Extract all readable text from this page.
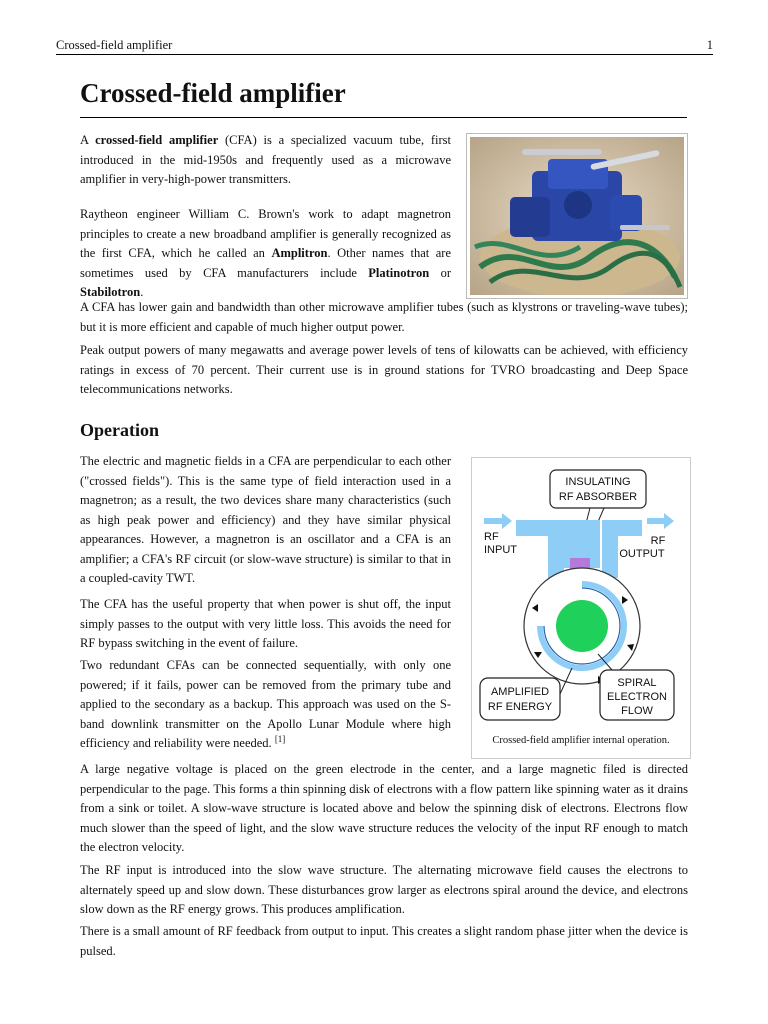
Crossed-field amplifier	1
Crossed-field amplifier

A crossed-field amplifier (CFA) is a specialized vacuum tube, first introduced in the mid-1950s and frequently used as a microwave amplifier in very-high-power transmitters.

Raytheon engineer William C. Brown's work to adapt magnetron principles to create a new broadband amplifier is generally recognized as the first CFA, which he called an Amplitron. Other names that are sometimes used by CFA manufacturers include Platinotron or Stabilotron.

A CFA has lower gain and bandwidth than other microwave amplifier tubes (such as klystrons or traveling-wave tubes); but it is more efficient and capable of much higher output power.

Peak output powers of many megawatts and average power levels of tens of kilowatts can be achieved, with efficiency ratings in excess of 70 percent. Their current use is in ground stations for TVRO broadcasting and Deep Space telecommunications networks.

Operation

The electric and magnetic fields in a CFA are perpendicular to each other ("crossed fields"). This is the same type of field interaction used in a magnetron; as a result, the two devices share many characteristics (such as high peak power and efficiency) and they have similar physical appearances. However, a magnetron is an oscillator and a CFA is an amplifier; a CFA's RF circuit (or slow-wave structure) is similar to that in a coupled-cavity TWT.

The CFA has the useful property that when power is shut off, the input simply passes to the output with very little loss. This avoids the need for RF bypass switching in the event of failure.

Two redundant CFAs can be connected sequentially, with only one powered; if it fails, power can be removed from the primary tube and applied to the secondary as a backup. This approach was used on the S-band downlink transmitter on the Apollo Lunar Module where high efficiency and reliability were needed. [1]

INSULATING
RF ABSORBER
RF
INPUT
RF
OUTPUT
AMPLIFIED
RF ENERGY
SPIRAL
ELECTRON
FLOW
Crossed-field amplifier internal operation.

A large negative voltage is placed on the green electrode in the center, and a large magnetic filed is directed perpendicular to the page. This forms a thin spinning disk of electrons with a flow pattern like spinning water as it drains from a sink or toilet. A slow-wave structure is located above and below the spinning disk of electrons. Electrons flow much slower than the speed of light, and the slow wave structure reduces the velocity of the input RF enough to match the electron velocity.

The RF input is introduced into the slow wave structure. The alternating microwave field causes the electrons to alternately speed up and slow down. These disturbances grow larger as electrons spiral around the device, and electrons slow down as the RF energy grows. This produces amplification.

There is a small amount of RF feedback from output to input. This creates a slight random phase jitter when the device is pulsed.
